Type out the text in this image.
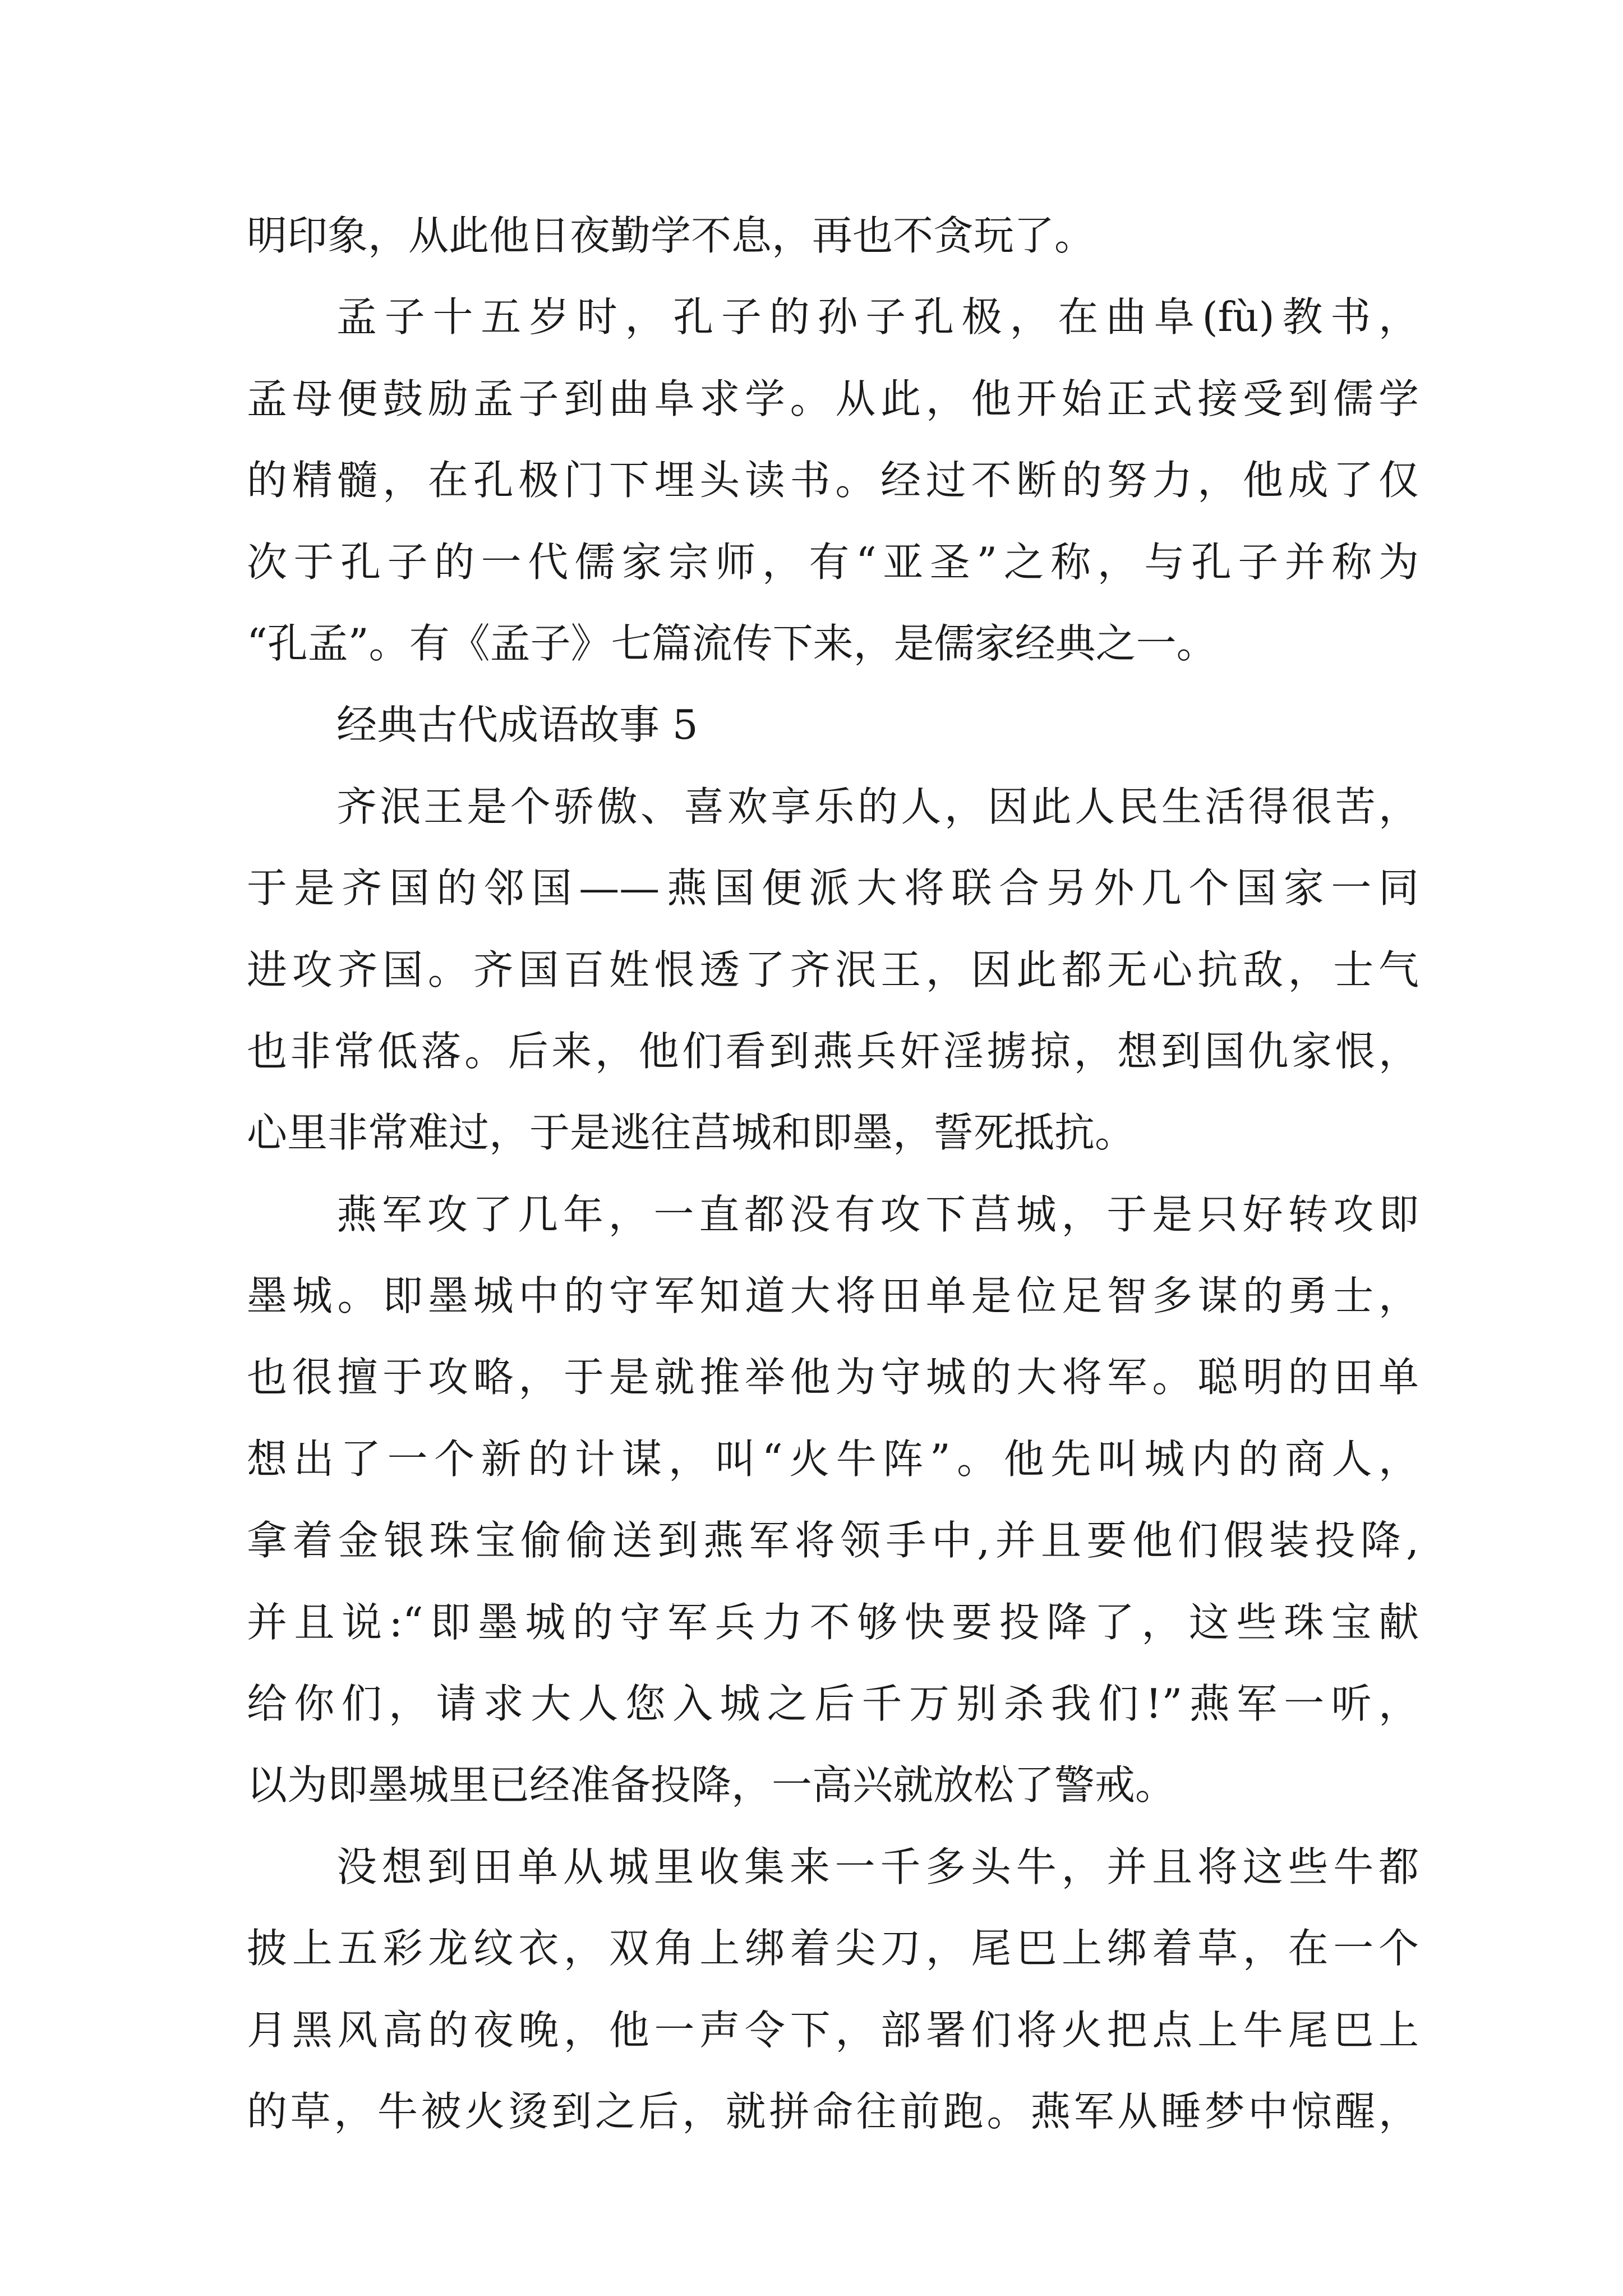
明印象，从此他日夜勤学不息，再也不贪玩了。
孟子十五岁时，孔子的孙子孔极，在曲阜(fù)教书，
孟母便鼓励孟子到曲阜求学。从此，他开始正式接受到儒学
的精髓，在孔极门下埋头读书。经过不断的努力，他成了仅
次于孔子的一代儒家宗师，有“亚圣”之称，与孔子并称为
“孔孟”。有《孟子》七篇流传下来，是儒家经典之一。
经典古代成语故事 5
齐泯王是个骄傲、喜欢享乐的人，因此人民生活得很苦，
于是齐国的邻国——燕国便派大将联合另外几个国家一同
进攻齐国。齐国百姓恨透了齐泯王，因此都无心抗敌，士气
也非常低落。后来，他们看到燕兵奸淫掳掠，想到国仇家恨，
心里非常难过，于是逃往莒城和即墨，誓死抵抗。
燕军攻了几年，一直都没有攻下莒城，于是只好转攻即
墨城。即墨城中的守军知道大将田单是位足智多谋的勇士，
也很擅于攻略，于是就推举他为守城的大将军。聪明的田单
想出了一个新的计谋，叫“火牛阵”。他先叫城内的商人，
拿着金银珠宝偷偷送到燕军将领手中,并且要他们假装投降,
并且说:“即墨城的守军兵力不够快要投降了，这些珠宝献
给你们，请求大人您入城之后千万别杀我们!”燕军一听，
以为即墨城里已经准备投降，一高兴就放松了警戒。
没想到田单从城里收集来一千多头牛，并且将这些牛都
披上五彩龙纹衣，双角上绑着尖刀，尾巴上绑着草，在一个
月黑风高的夜晚，他一声令下，部署们将火把点上牛尾巴上
的草，牛被火烫到之后，就拼命往前跑。燕军从睡梦中惊醒，
